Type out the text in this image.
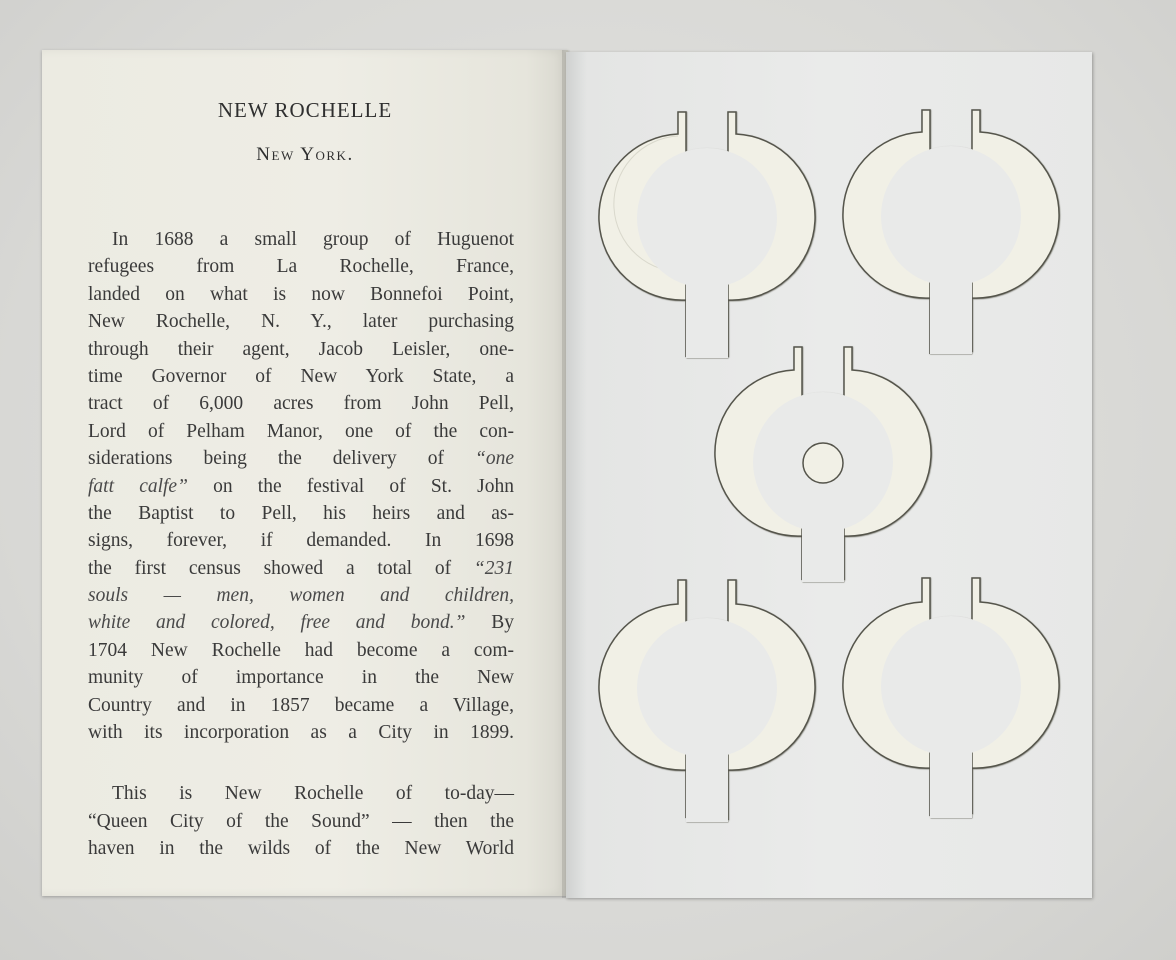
NEW ROCHELLE
New York.
In 1688 a small group of Huguenot
refugees from La Rochelle, France,
landed on what is now Bonnefoi Point,
New Rochelle, N. Y., later purchasing
through their agent, Jacob Leisler, one-
time Governor of New York State, a
tract of 6,000 acres from John Pell,
Lord of Pelham Manor, one of the con-
siderations being the delivery of “one
fatt calfe” on the festival of St. John
the Baptist to Pell, his heirs and as-
signs, forever, if demanded. In 1698
the first census showed a total of “231
souls — men, women and children,
white and colored, free and bond.” By
1704 New Rochelle had become a com-
munity of importance in the New
Country and in 1857 became a Village,
with its incorporation as a City in 1899.
This is New Rochelle of to-day—
“Queen City of the Sound” — then the
haven in the wilds of the New World
